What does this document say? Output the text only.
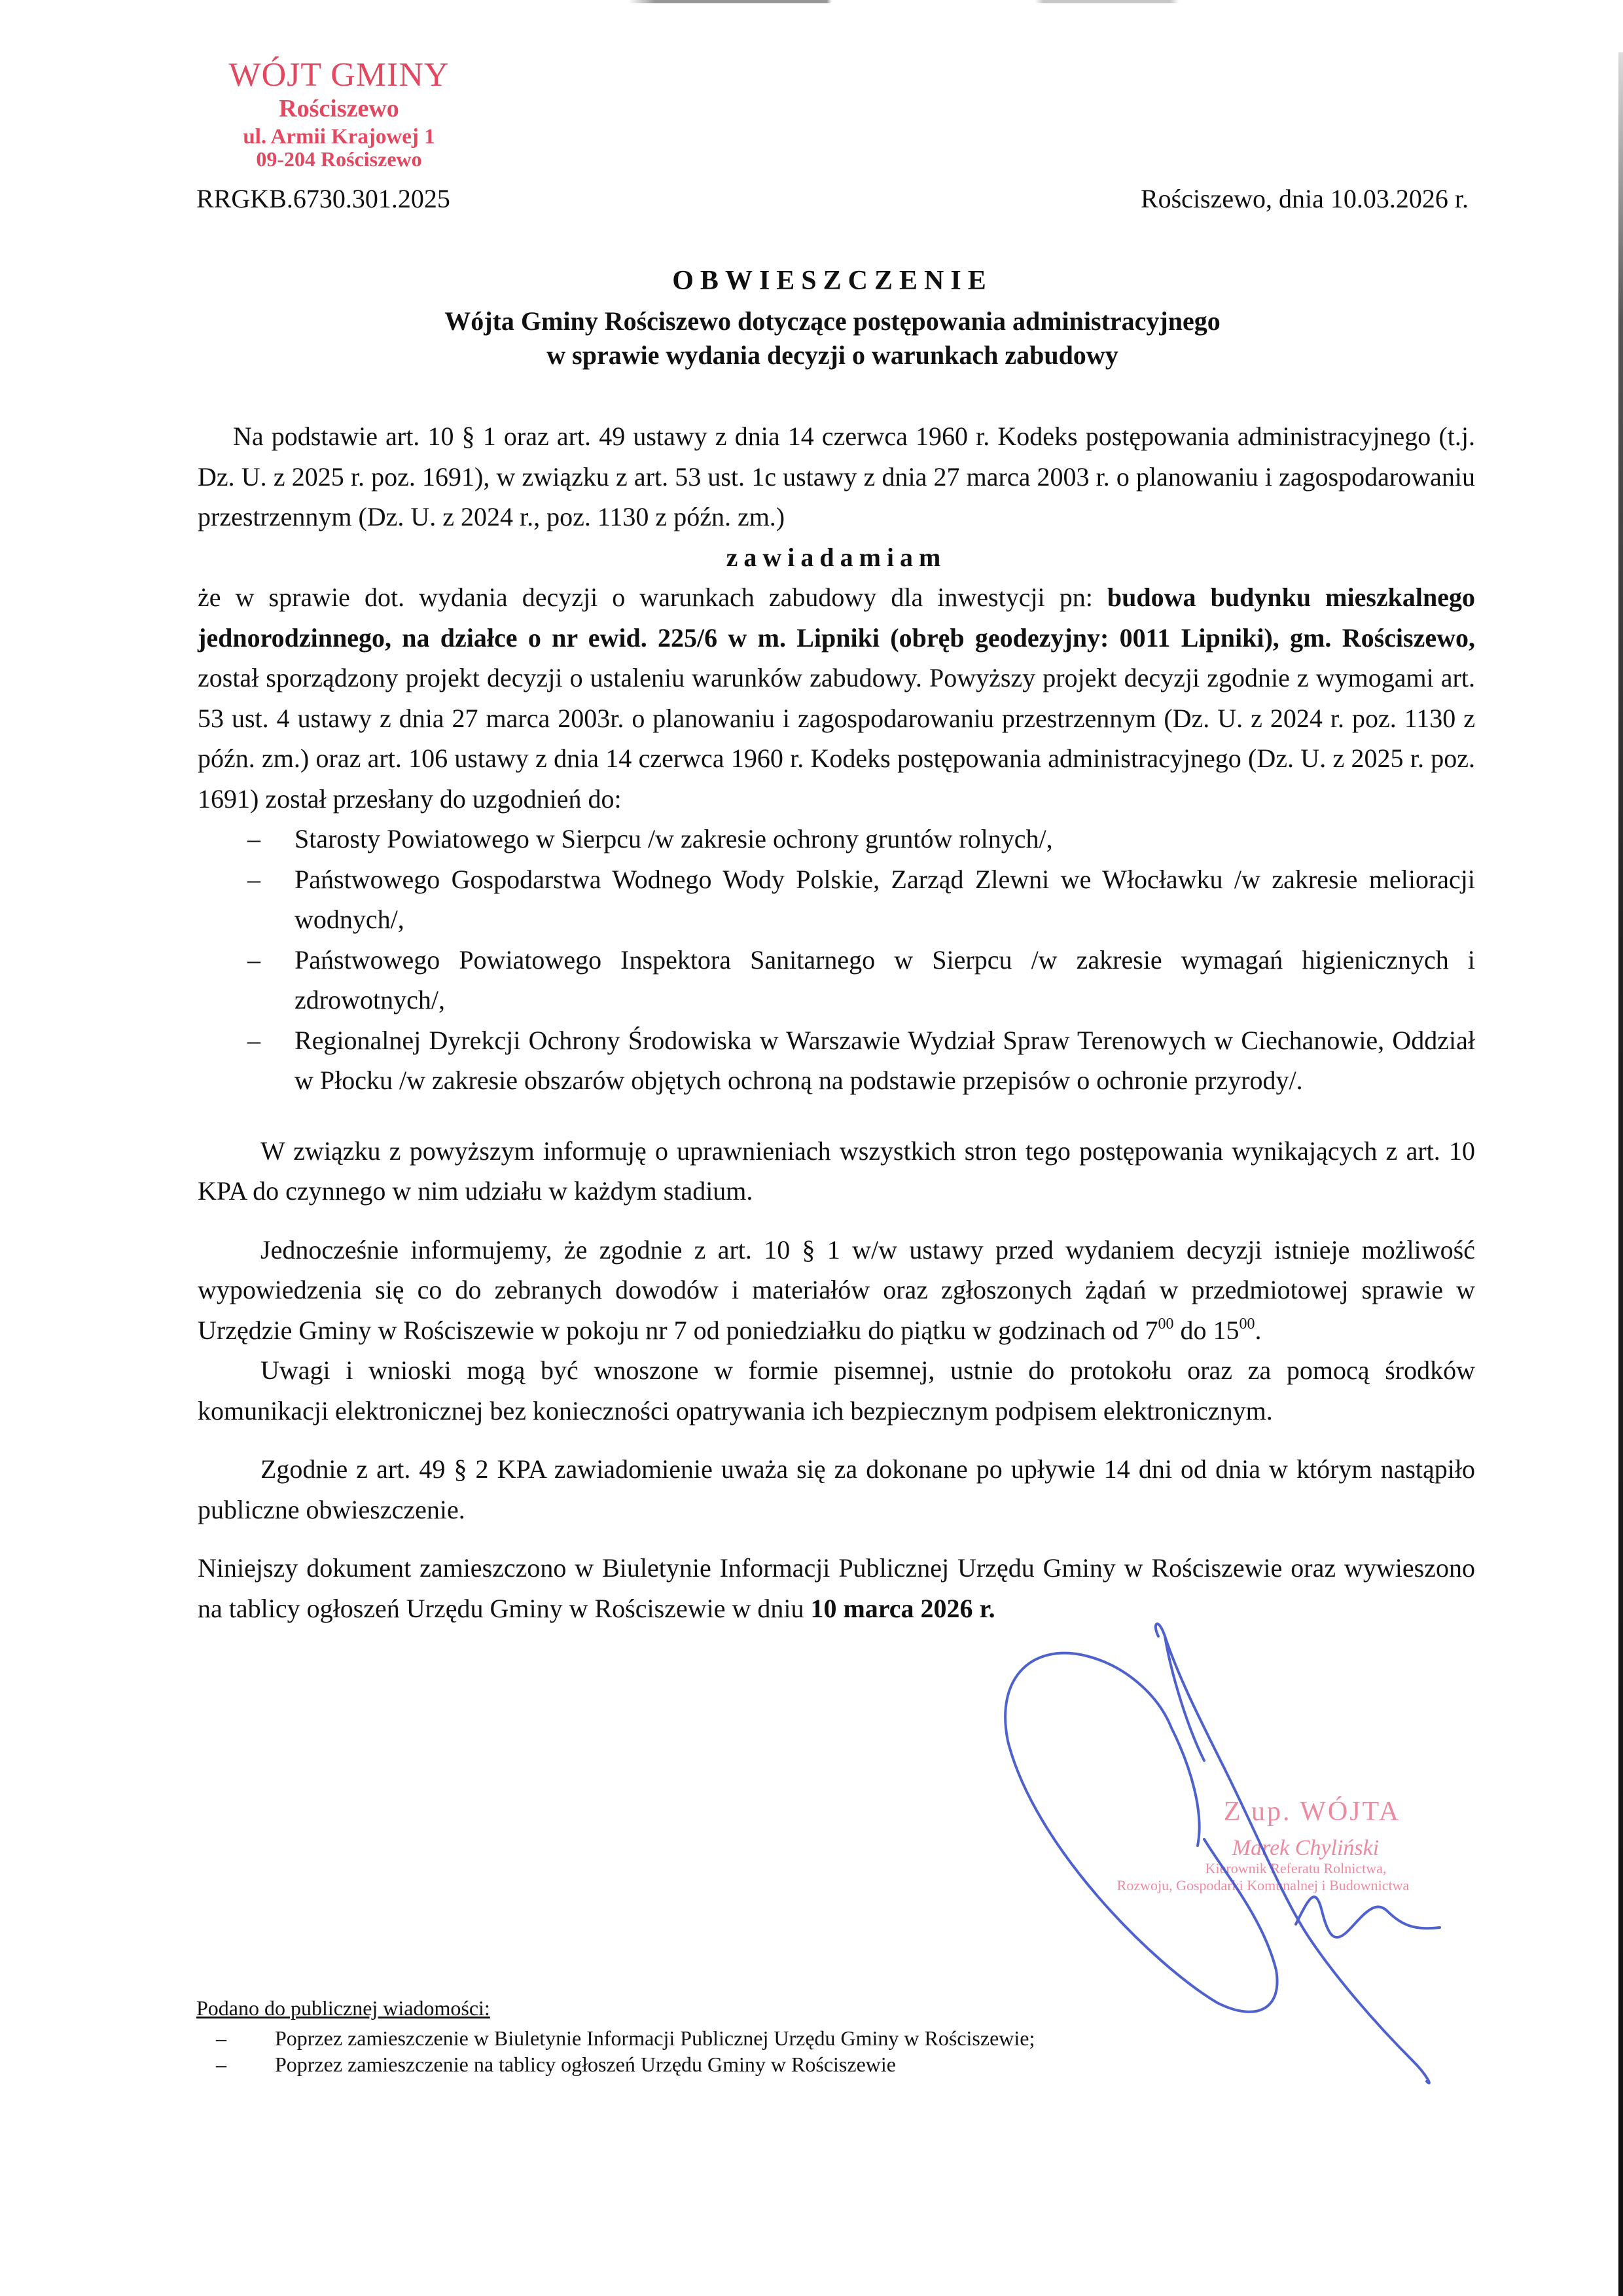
WÓJT GMINY
Rościszewo
ul. Armii Krajowej 1
09-204 Rościszewo
RRGKB.6730.301.2025	Rościszewo, dnia 10.03.2026 r.
OBWIESZCZENIE
Wójta Gminy Rościszewo dotyczące postępowania administracyjnego
w sprawie wydania decyzji o warunkach zabudowy

Na podstawie art. 10 § 1 oraz art. 49 ustawy z dnia 14 czerwca 1960 r. Kodeks postępowania administracyjnego (t.j. Dz. U. z 2025 r. poz. 1691), w związku z art. 53 ust. 1c ustawy z dnia 27 marca 2003 r. o planowaniu i zagospodarowaniu przestrzennym (Dz. U. z 2024 r., poz. 1130 z późn. zm.)

zawiadamiam

że w sprawie dot. wydania decyzji o warunkach zabudowy dla inwestycji pn: budowa budynku mieszkalnego jednorodzinnego, na działce o nr ewid. 225/6 w m. Lipniki (obręb geodezyjny: 0011 Lipniki), gm. Rościszewo, został sporządzony projekt decyzji o ustaleniu warunków zabudowy. Powyższy projekt decyzji zgodnie z wymogami art. 53 ust. 4 ustawy z dnia 27 marca 2003r. o planowaniu i zagospodarowaniu przestrzennym (Dz. U. z 2024 r. poz. 1130 z późn. zm.) oraz art. 106 ustawy z dnia 14 czerwca 1960 r. Kodeks postępowania administracyjnego (Dz. U. z 2025 r. poz. 1691) został przesłany do uzgodnień do:

– Starosty Powiatowego w Sierpcu /w zakresie ochrony gruntów rolnych/,
– Państwowego Gospodarstwa Wodnego Wody Polskie, Zarząd Zlewni we Włocławku /w zakresie melioracji wodnych/,
– Państwowego Powiatowego Inspektora Sanitarnego w Sierpcu /w zakresie wymagań higienicznych i zdrowotnych/,
– Regionalnej Dyrekcji Ochrony Środowiska w Warszawie Wydział Spraw Terenowych w Ciechanowie, Oddział w Płocku /w zakresie obszarów objętych ochroną na podstawie przepisów o ochronie przyrody/.

W związku z powyższym informuję o uprawnieniach wszystkich stron tego postępowania wynikających z art. 10 KPA do czynnego w nim udziału w każdym stadium.

Jednocześnie informujemy, że zgodnie z art. 10 § 1 w/w ustawy przed wydaniem decyzji istnieje możliwość wypowiedzenia się co do zebranych dowodów i materiałów oraz zgłoszonych żądań w przedmiotowej sprawie w Urzędzie Gminy w Rościszewie w pokoju nr 7 od poniedziałku do piątku w godzinach od $7^{00}$ do $15^{00}$.

Uwagi i wnioski mogą być wnoszone w formie pisemnej, ustnie do protokołu oraz za pomocą środków komunikacji elektronicznej bez konieczności opatrywania ich bezpiecznym podpisem elektronicznym.

Zgodnie z art. 49 § 2 KPA zawiadomienie uważa się za dokonane po upływie 14 dni od dnia w którym nastąpiło publiczne obwieszczenie.

Niniejszy dokument zamieszczono w Biuletynie Informacji Publicznej Urzędu Gminy w Rościszewie oraz wywieszono na tablicy ogłoszeń Urzędu Gminy w Rościszewie w dniu 10 marca 2026 r.

Z up. WÓJTA
Marek Chyliński
Kierownik Referatu Rolnictwa,
Rozwoju, Gospodarki Komunalnej i Budownictwa
Podano do publicznej wiadomości:
– Poprzez zamieszczenie w Biuletynie Informacji Publicznej Urzędu Gminy w Rościszewie;
– Poprzez zamieszczenie na tablicy ogłoszeń Urzędu Gminy w Rościszewie
